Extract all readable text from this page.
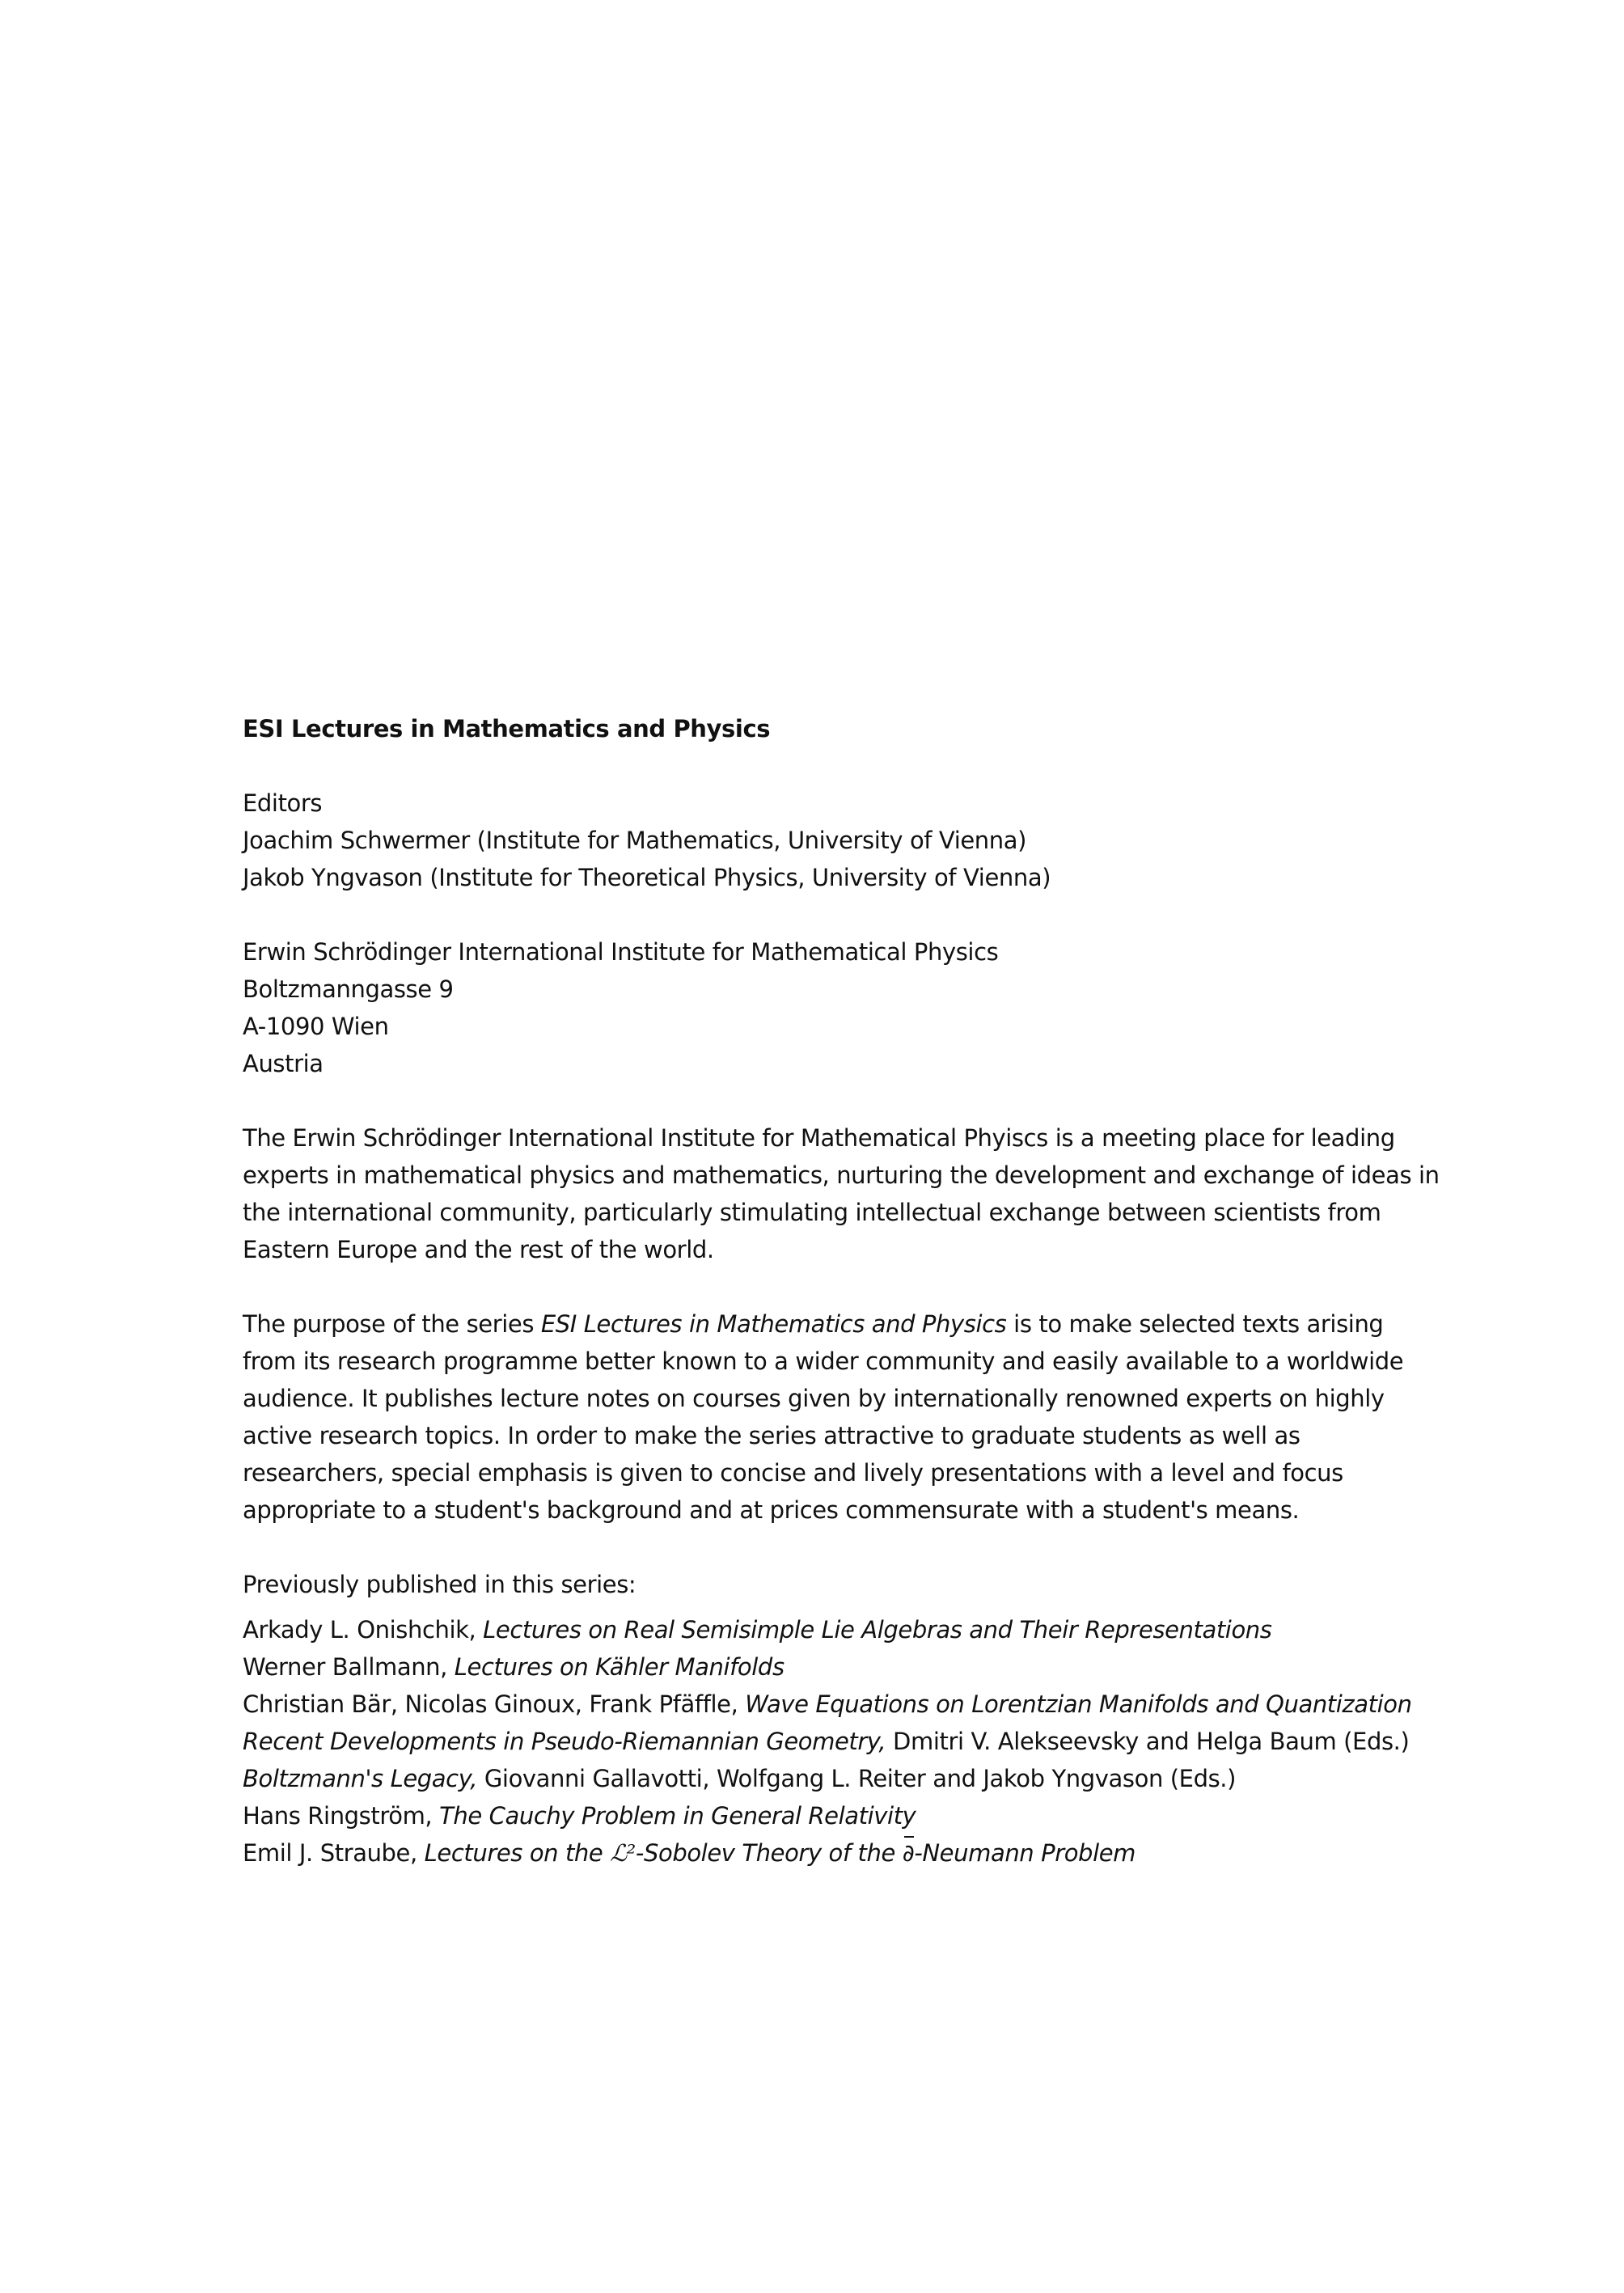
ESI Lectures in Mathematics and Physics

Editors

Joachim Schwermer (Institute for Mathematics, University of Vienna)

Jakob Yngvason (Institute for Theoretical Physics, University of Vienna)

Erwin Schrödinger International Institute for Mathematical Physics

Boltzmanngasse 9

A-1090 Wien

Austria

The Erwin Schrödinger International Institute for Mathematical Phyiscs is a meeting place for leading experts in mathematical physics and mathematics, nurturing the development and exchange of ideas in the international community, particularly stimulating intellectual exchange between scientists from Eastern Europe and the rest of the world.

The purpose of the series ESI Lectures in Mathematics and Physics is to make selected texts arising from its research programme better known to a wider community and easily available to a worldwide audience. It publishes lecture notes on courses given by internationally renowned experts on highly active research topics. In order to make the series attractive to graduate students as well as researchers, special emphasis is given to concise and lively presentations with a level and focus appropriate to a student's background and at prices commensurate with a student's means.

Previously published in this series:

Arkady L. Onishchik, Lectures on Real Semisimple Lie Algebras and Their Representations

Werner Ballmann, Lectures on Kähler Manifolds

Christian Bär, Nicolas Ginoux, Frank Pfäffle, Wave Equations on Lorentzian Manifolds and Quantization

Recent Developments in Pseudo-Riemannian Geometry, Dmitri V. Alekseevsky and Helga Baum (Eds.)

Boltzmann's Legacy, Giovanni Gallavotti, Wolfgang L. Reiter and Jakob Yngvason (Eds.)

Hans Ringström, The Cauchy Problem in General Relativity

Emil J. Straube, Lectures on the ℒ²-Sobolev Theory of the ∂-Neumann Problem
